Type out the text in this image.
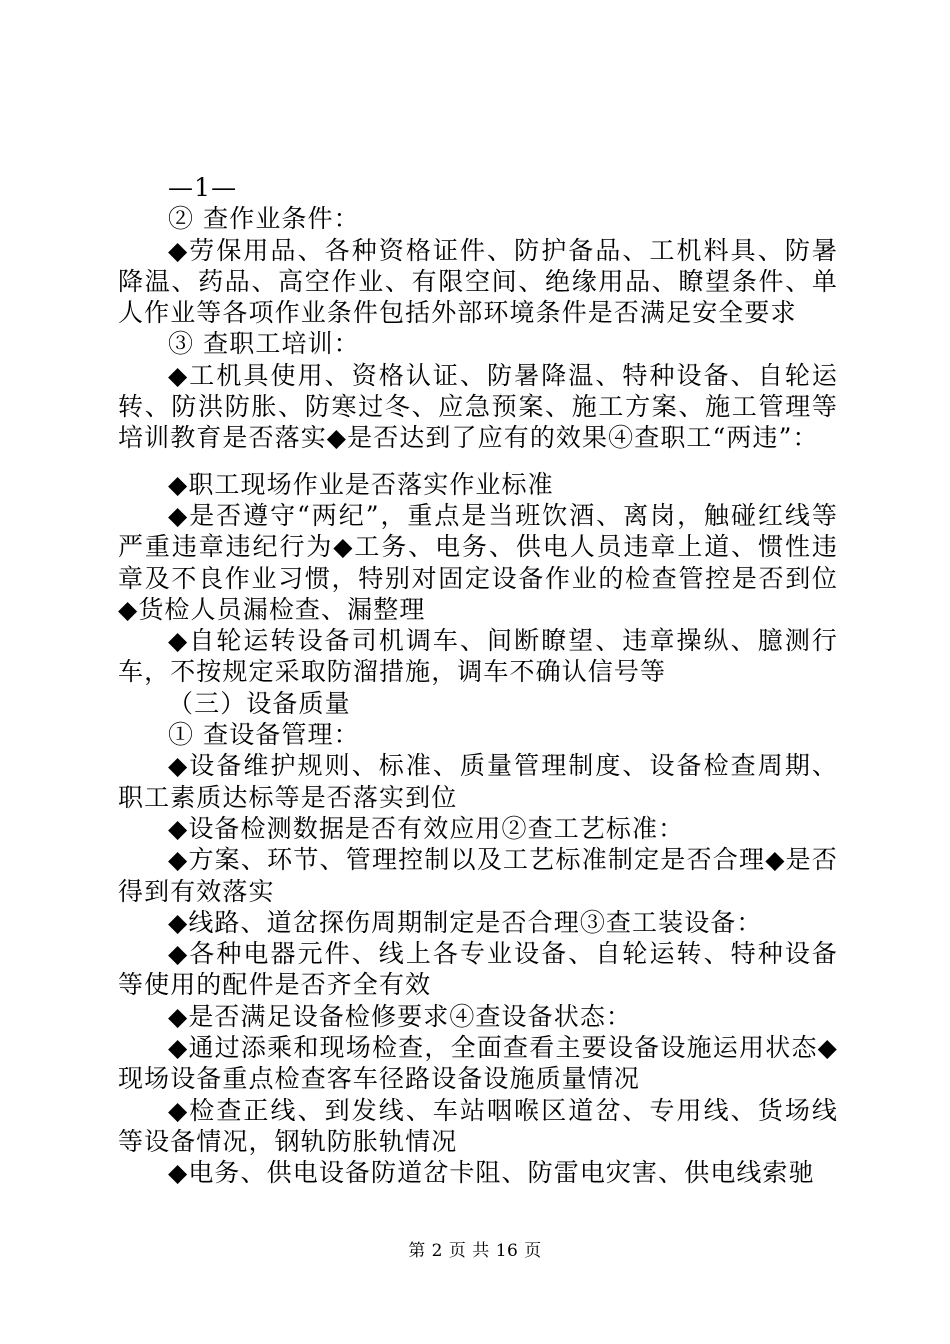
—1—

② 查作业条件：

◆劳保用品、各种资格证件、防护备品、工机料具、防暑降温、药品、高空作业、有限空间、绝缘用品、瞭望条件、单人作业等各项作业条件包括外部环境条件是否满足安全要求

③ 查职工培训：

◆工机具使用、资格认证、防暑降温、特种设备、自轮运转、防洪防胀、防寒过冬、应急预案、施工方案、施工管理等培训教育是否落实◆是否达到了应有的效果④查职工“两违”：

◆职工现场作业是否落实作业标准

◆是否遵守“两纪”，重点是当班饮酒、离岗，触碰红线等严重违章违纪行为◆工务、电务、供电人员违章上道、惯性违章及不良作业习惯，特别对固定设备作业的检查管控是否到位◆货检人员漏检查、漏整理

◆自轮运转设备司机调车、间断瞭望、违章操纵、臆测行车，不按规定采取防溜措施，调车不确认信号等

（三）设备质量

① 查设备管理：

◆设备维护规则、标准、质量管理制度、设备检查周期、职工素质达标等是否落实到位

◆设备检测数据是否有效应用②查工艺标准：

◆方案、环节、管理控制以及工艺标准制定是否合理◆是否得到有效落实

◆线路、道岔探伤周期制定是否合理③查工装设备：

◆各种电器元件、线上各专业设备、自轮运转、特种设备等使用的配件是否齐全有效

◆是否满足设备检修要求④查设备状态：

◆通过添乘和现场检查，全面查看主要设备设施运用状态◆现场设备重点检查客车径路设备设施质量情况

◆检查正线、到发线、车站咽喉区道岔、专用线、货场线等设备情况，钢轨防胀轨情况

◆电务、供电设备防道岔卡阻、防雷电灾害、供电线索驰

第 2 页 共 16 页
